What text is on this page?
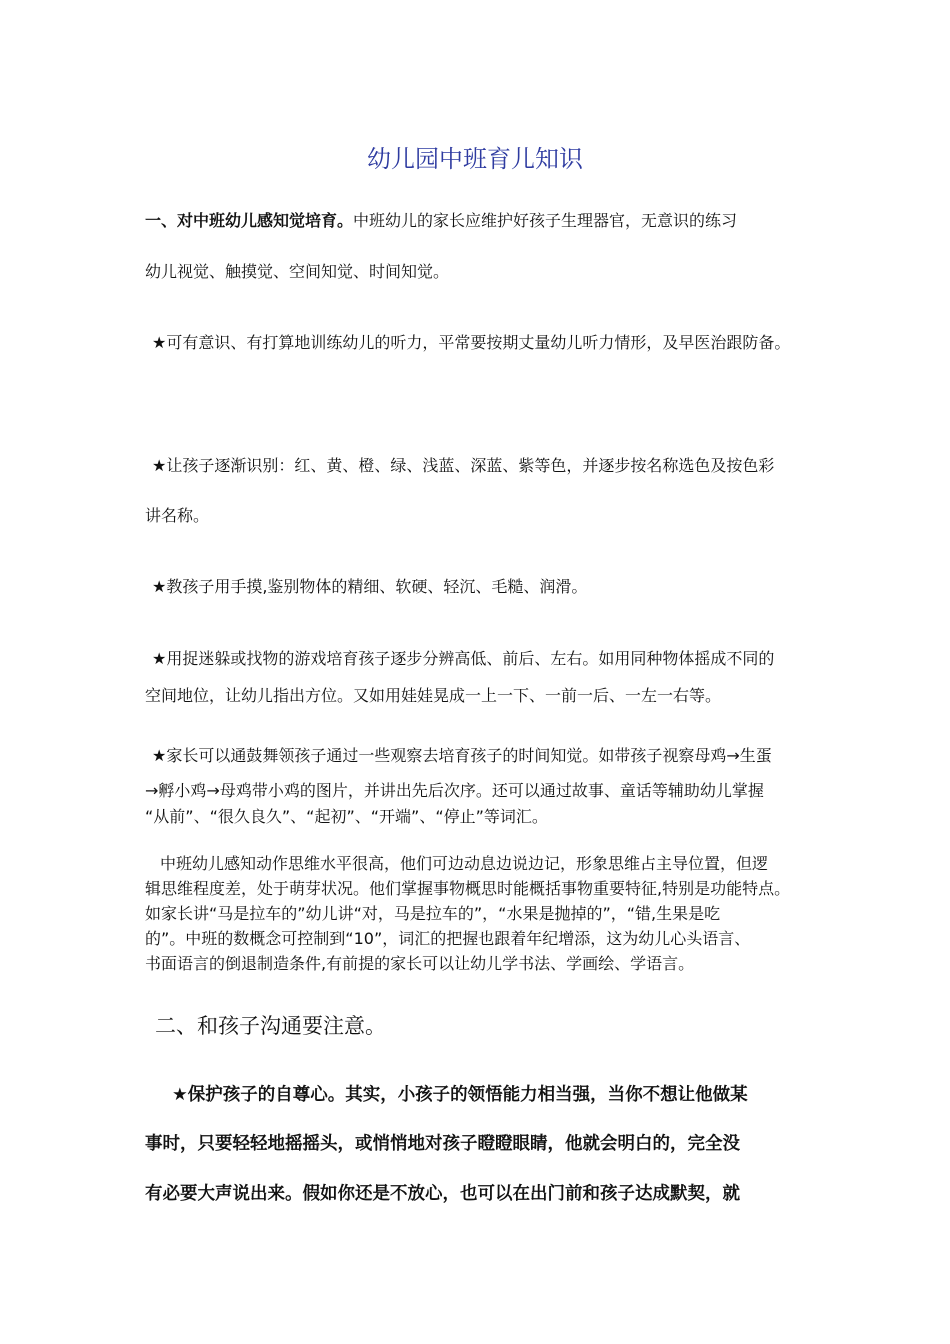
幼儿园中班育儿知识

一、对中班幼儿感知觉培育。中班幼儿的家长应维护好孩子生理器官，无意识的练习

幼儿视觉、触摸觉、空间知觉、时间知觉。

★可有意识、有打算地训练幼儿的听力，平常要按期丈量幼儿听力情形，及早医治跟防备。

★让孩子逐渐识别：红、黄、橙、绿、浅蓝、深蓝、紫等色，并逐步按名称选色及按色彩

讲名称。

★教孩子用手摸,鉴别物体的精细、软硬、轻沉、毛糙、润滑。

★用捉迷躲或找物的游戏培育孩子逐步分辨高低、前后、左右。如用同种物体摇成不同的

空间地位，让幼儿指出方位。又如用娃娃晃成一上一下、一前一后、一左一右等。

★家长可以通鼓舞领孩子通过一些观察去培育孩子的时间知觉。如带孩子视察母鸡→生蛋

→孵小鸡→母鸡带小鸡的图片，并讲出先后次序。还可以通过故事、童话等辅助幼儿掌握

“从前”、“很久良久”、“起初”、“开端”、“停止”等词汇。

中班幼儿感知动作思维水平很高，他们可边动息边说边记，形象思维占主导位置，但逻

辑思维程度差，处于萌芽状况。他们掌握事物概思时能概括事物重要特征,特别是功能特点。

如家长讲“马是拉车的”幼儿讲“对，马是拉车的”，“水果是抛掉的”，“错,生果是吃

的”。中班的数概念可控制到“10”，词汇的把握也跟着年纪增添，这为幼儿心头语言、

书面语言的倒退制造条件,有前提的家长可以让幼儿学书法、学画绘、学语言。

二、和孩子沟通要注意。

★保护孩子的自尊心。其实，小孩子的领悟能力相当强，当你不想让他做某

事时，只要轻轻地摇摇头，或悄悄地对孩子瞪瞪眼睛，他就会明白的，完全没

有必要大声说出来。假如你还是不放心，也可以在出门前和孩子达成默契，就
